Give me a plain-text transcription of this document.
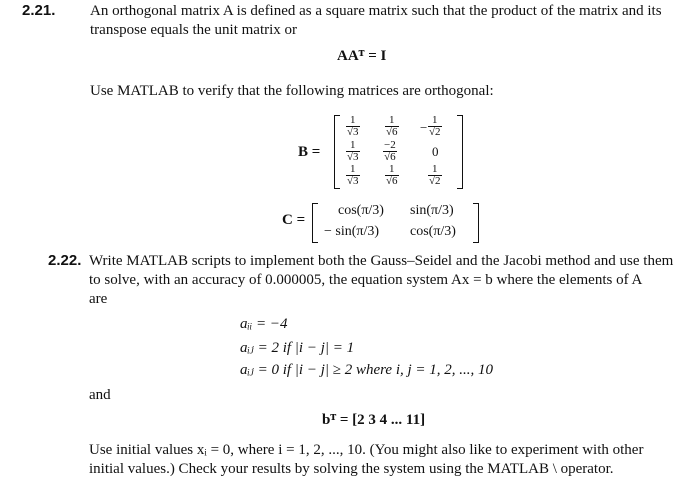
2.21. An orthogonal matrix A is defined as a square matrix such that the product of the matrix and its
transpose equals the unit matrix or
AAᵀ = I
Use MATLAB to verify that the following matrices are orthogonal:
B =
$\frac{1}{√3} \frac{1}{√6} - \frac{1}{√2}$
$\frac{1}{√3} \frac{-2}{√6}$	0
$\frac{1}{√3} \frac{1}{√6}$	$\frac{1}{√2}$
C =
cos(π/3) sin(π/3)
− sin(π/3) cos(π/3)
2.22. Write MATLAB scripts to implement both the Gauss–Seidel and the Jacobi method and use them
to solve, with an accuracy of 0.000005, the equation system Ax = b where the elements of A
are
aᵢᵢ = −4
aᵢⱼ = 2 if |i − j| = 1
aᵢⱼ = 0 if |i − j| ≥ 2 where i, j = 1, 2, ..., 10
and
bᵀ = [2 3 4 ... 11]
Use initial values xᵢ = 0, where i = 1, 2, ..., 10. (You might also like to experiment with other
initial values.) Check your results by solving the system using the MATLAB \ operator.
